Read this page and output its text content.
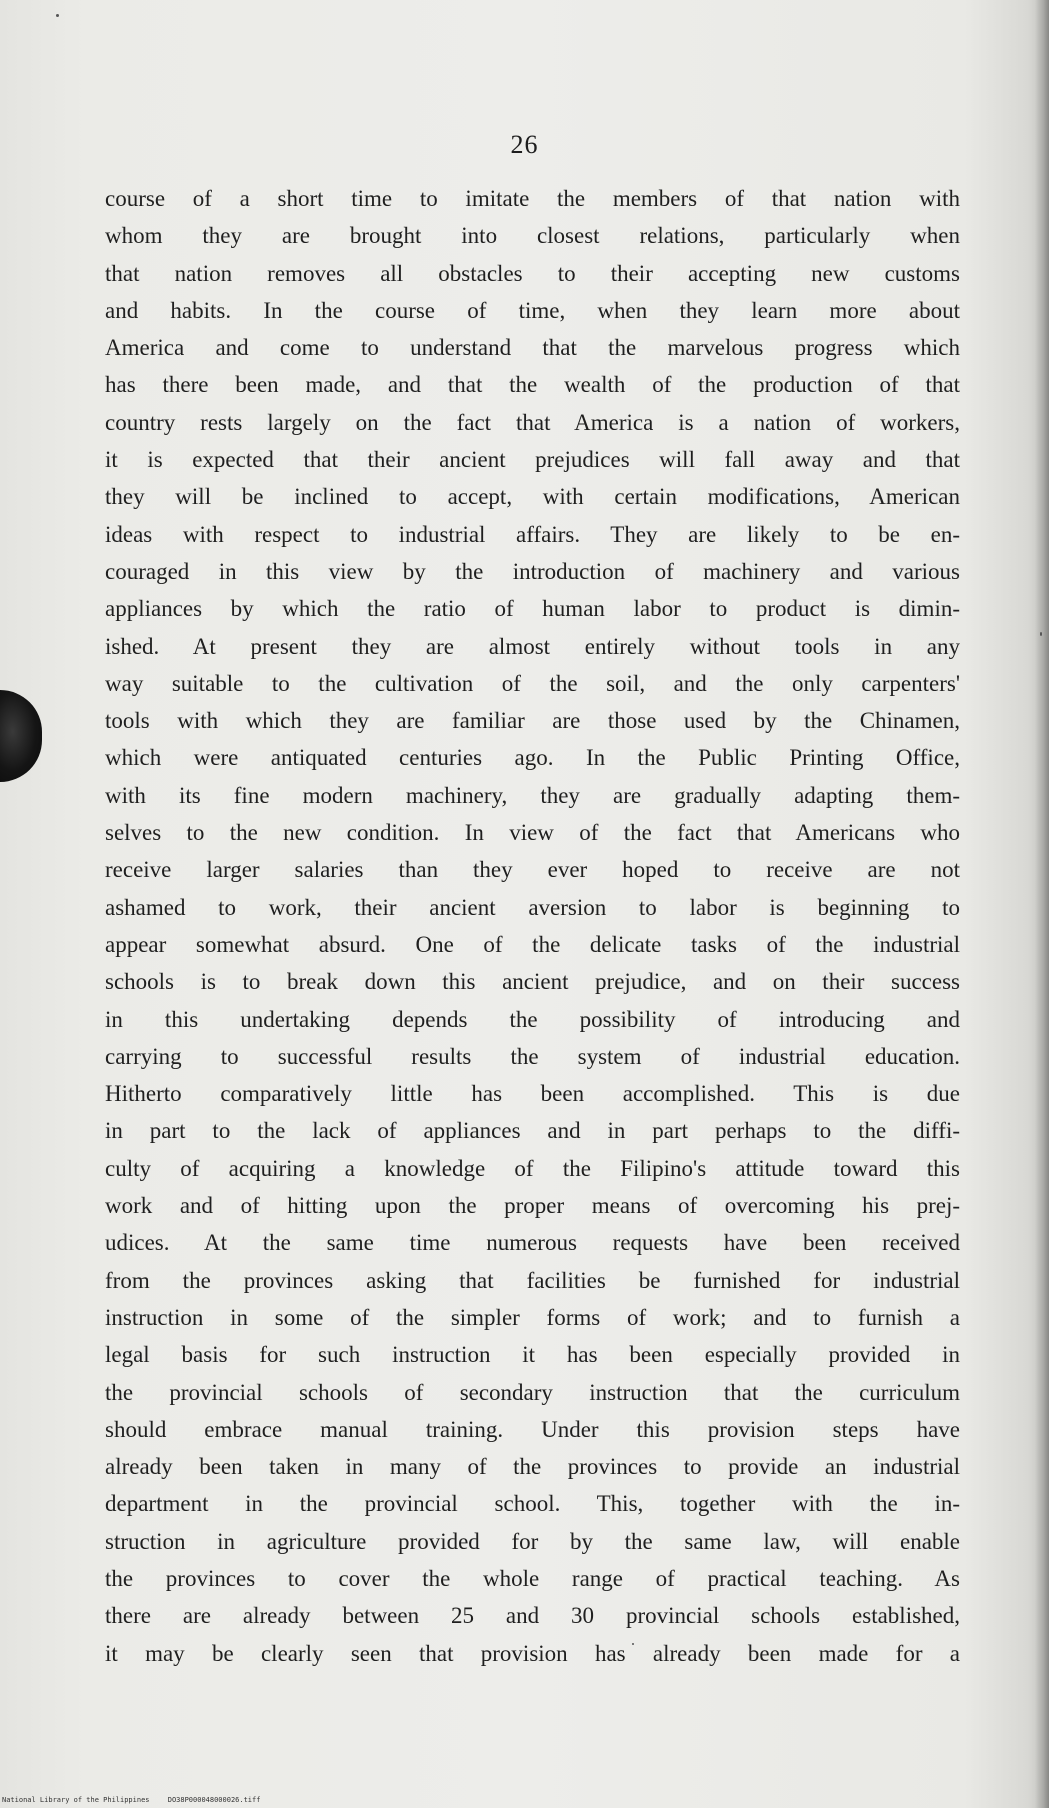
26
course of a short time to imitate the members of that nation with
whom they are brought into closest relations, particularly when
that nation removes all obstacles to their accepting new customs
and habits. In the course of time, when they learn more about
America and come to understand that the marvelous progress which
has there been made, and that the wealth of the production of that
country rests largely on the fact that America is a nation of workers,
it is expected that their ancient prejudices will fall away and that
they will be inclined to accept, with certain modifications, American
ideas with respect to industrial affairs. They are likely to be en-
couraged in this view by the introduction of machinery and various
appliances by which the ratio of human labor to product is dimin-
ished. At present they are almost entirely without tools in any
way suitable to the cultivation of the soil, and the only carpenters'
tools with which they are familiar are those used by the Chinamen,
which were antiquated centuries ago. In the Public Printing Office,
with its fine modern machinery, they are gradually adapting them-
selves to the new condition. In view of the fact that Americans who
receive larger salaries than they ever hoped to receive are not
ashamed to work, their ancient aversion to labor is beginning to
appear somewhat absurd. One of the delicate tasks of the industrial
schools is to break down this ancient prejudice, and on their success
in this undertaking depends the possibility of introducing and
carrying to successful results the system of industrial education.
Hitherto comparatively little has been accomplished. This is due
in part to the lack of appliances and in part perhaps to the diffi-
culty of acquiring a knowledge of the Filipino's attitude toward this
work and of hitting upon the proper means of overcoming his prej-
udices. At the same time numerous requests have been received
from the provinces asking that facilities be furnished for industrial
instruction in some of the simpler forms of work; and to furnish a
legal basis for such instruction it has been especially provided in
the provincial schools of secondary instruction that the curriculum
should embrace manual training. Under this provision steps have
already been taken in many of the provinces to provide an industrial
department in the provincial school. This, together with the in-
struction in agriculture provided for by the same law, will enable
the provinces to cover the whole range of practical teaching. As
there are already between 25 and 30 provincial schools established,
it may be clearly seen that provision has already been made for a
National Library of the Philippines	DO38P000048000026.tiff
